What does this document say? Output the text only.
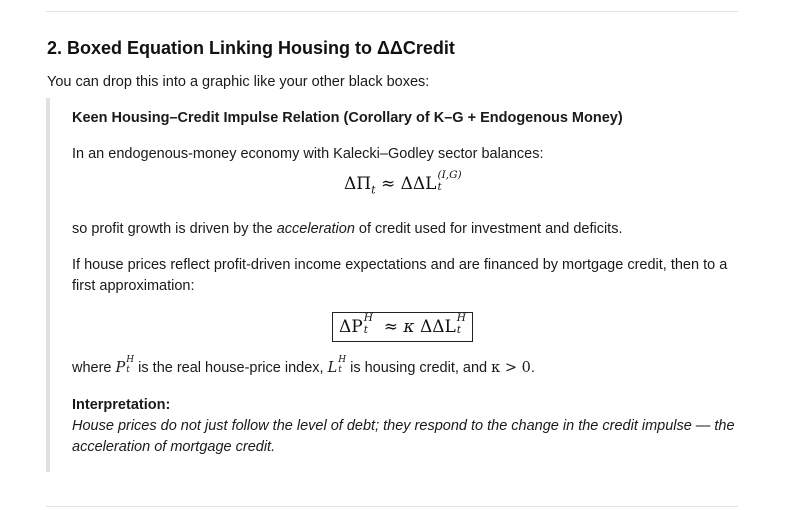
2. Boxed Equation Linking Housing to ΔΔCredit

You can drop this into a graphic like your other black boxes:

Keen Housing–Credit Impulse Relation (Corollary of K–G + Endogenous Money)

In an endogenous-money economy with Kalecki–Godley sector balances:

$\Delta\Pi_t \approx \Delta\Delta L$ (I,G)
t

so profit growth is driven by the acceleration of credit used for investment and deficits.

If house prices reflect profit-driven income expectations and are financed by mortgage credit, then to a first approximation:

ΔP H
t ≈ κ ΔΔL H
t

where P
H
t is the real house-price index, L
H
t is housing credit, and κ > 0.

Interpretation:

House prices do not just follow the level of debt; they respond to the change in the credit impulse — the acceleration of mortgage credit.
